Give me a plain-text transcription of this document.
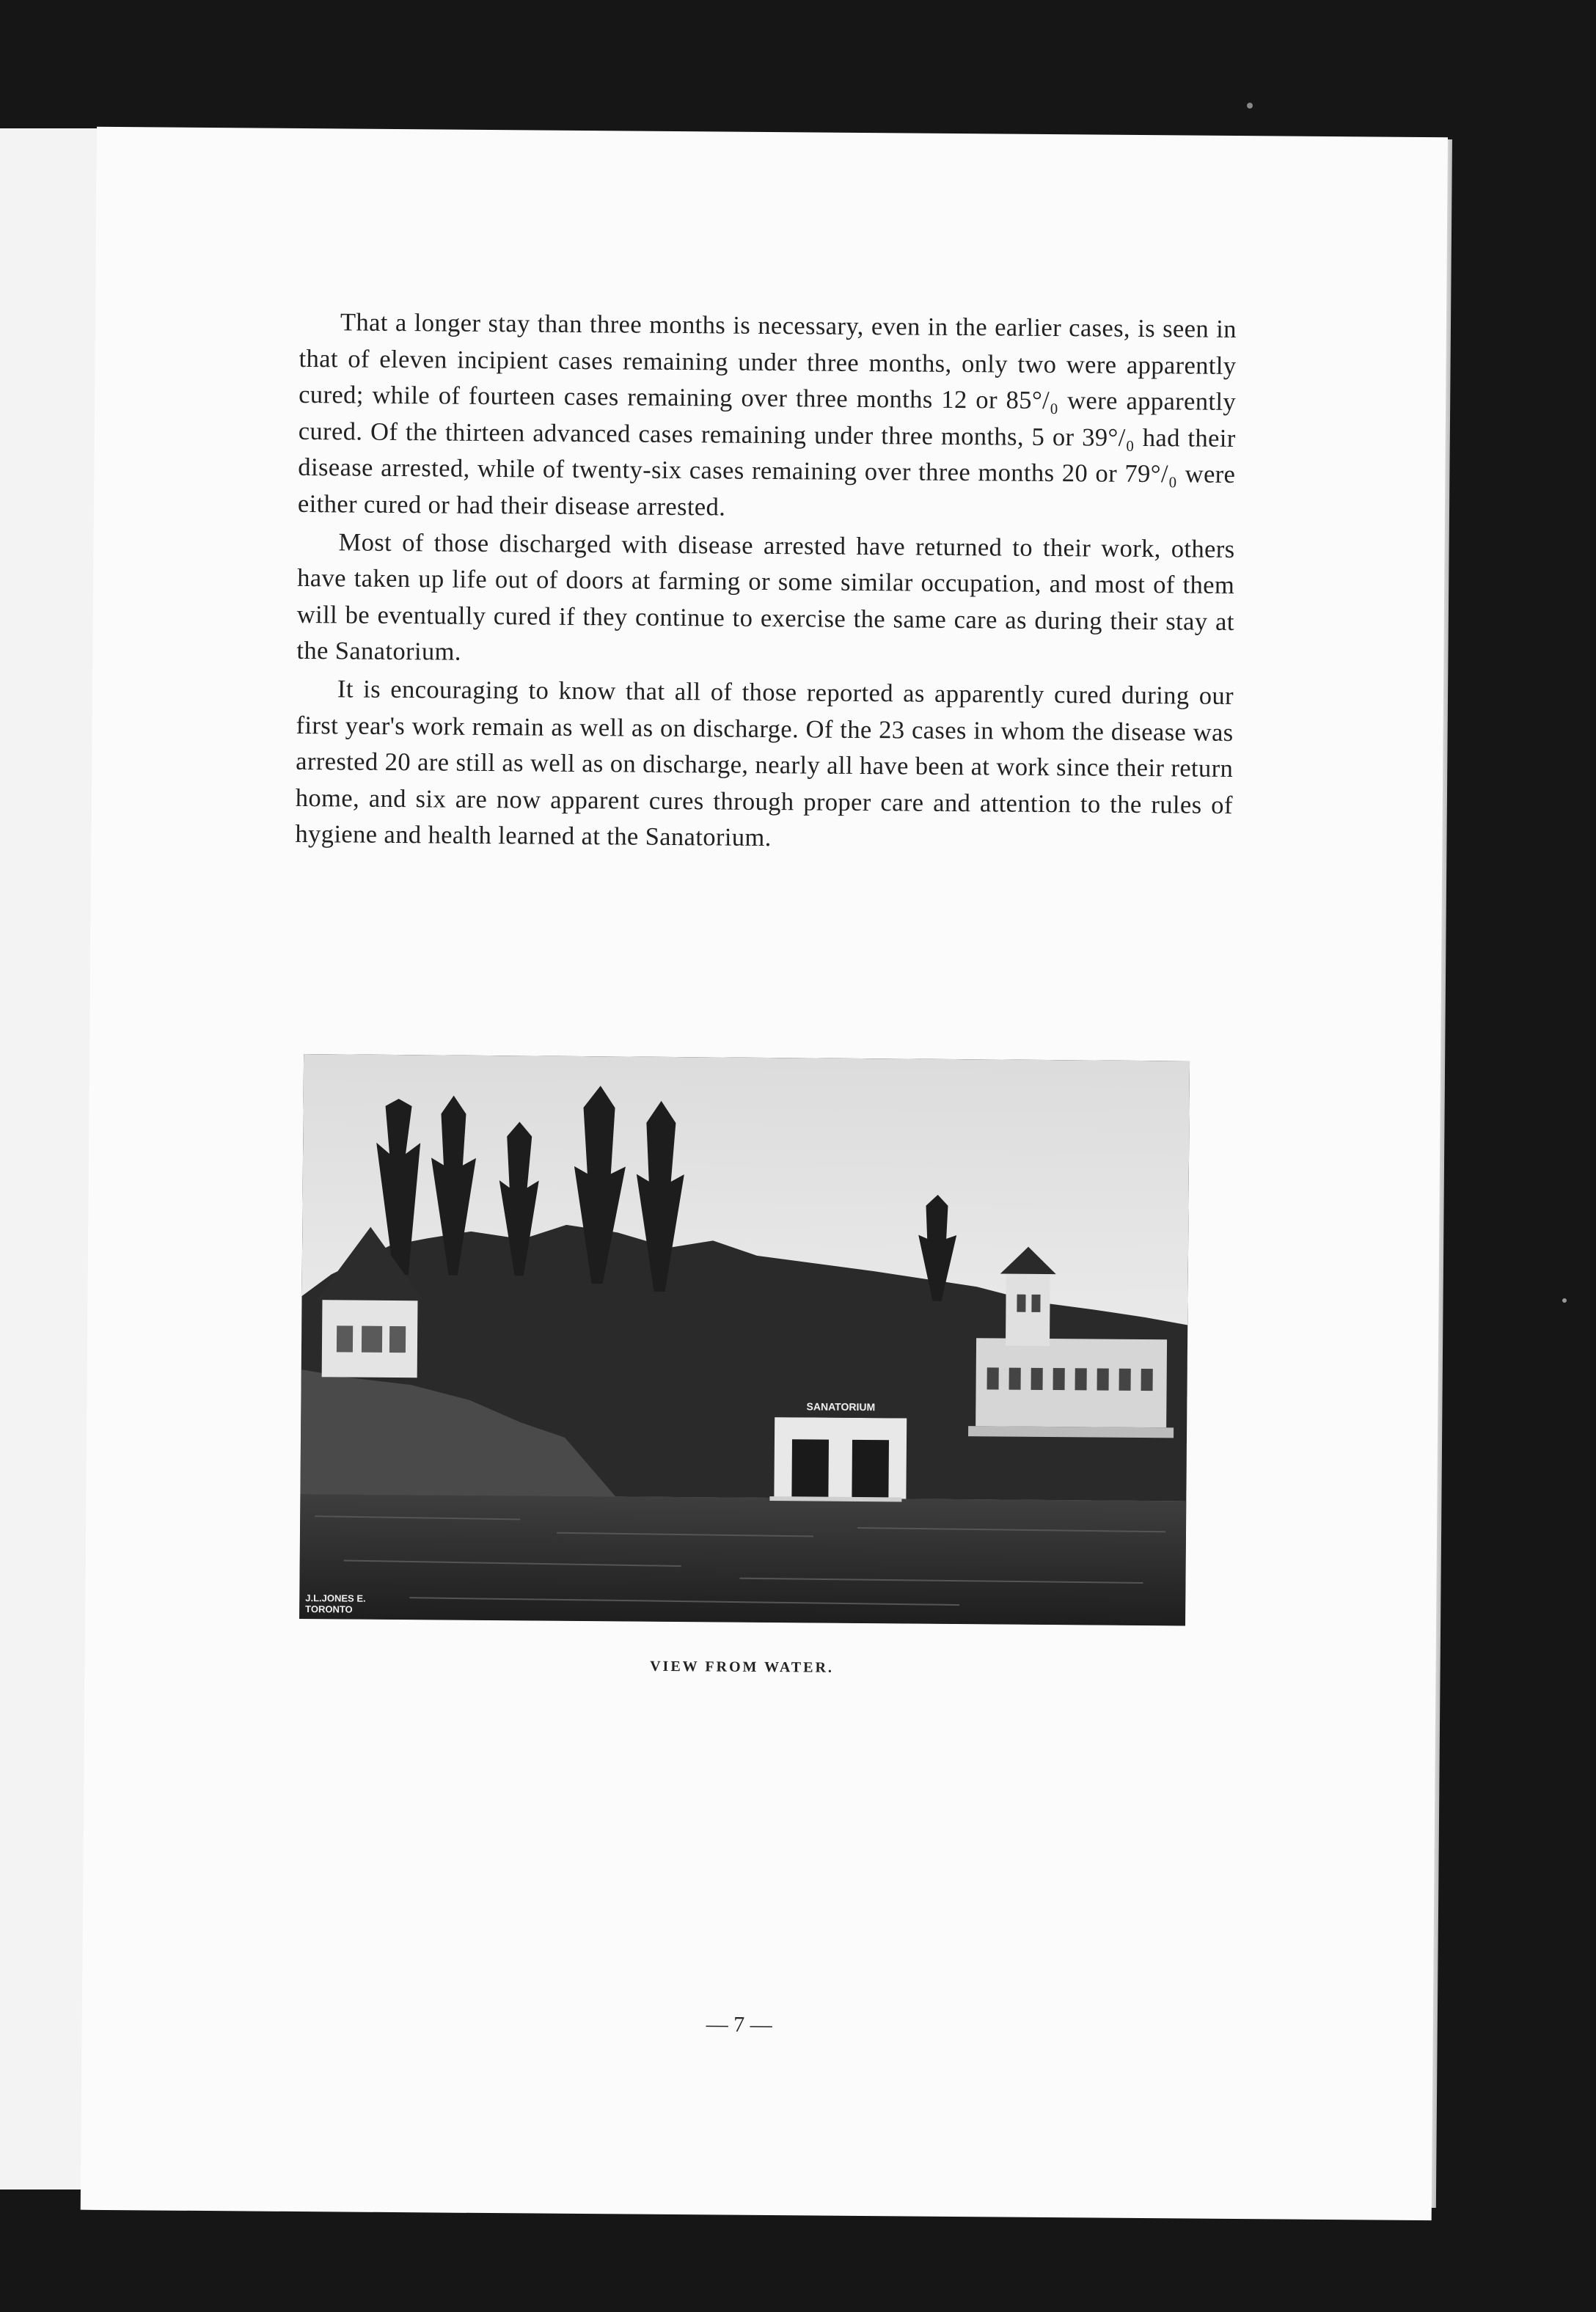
That a longer stay than three months is necessary, even in the earlier cases, is seen in that of eleven incipient cases remaining under three months, only two were apparently cured; while of fourteen cases remaining over three months 12 or 85°/₀ were apparently cured. Of the thirteen advanced cases remaining under three months, 5 or 39°/₀ had their disease arrested, while of twenty-six cases remaining over three months 20 or 79°/₀ were either cured or had their disease arrested.

Most of those discharged with disease arrested have returned to their work, others have taken up life out of doors at farming or some similar occupation, and most of them will be eventually cured if they continue to exercise the same care as during their stay at the Sanatorium.

It is encouraging to know that all of those reported as apparently cured during our first year's work remain as well as on discharge. Of the 23 cases in whom the disease was arrested 20 are still as well as on discharge, nearly all have been at work since their return home, and six are now apparent cures through proper care and attention to the rules of hygiene and health learned at the Sanatorium.

SANATORIUM
J.L.JONES E.
TORONTO
VIEW FROM WATER.
— 7 —
